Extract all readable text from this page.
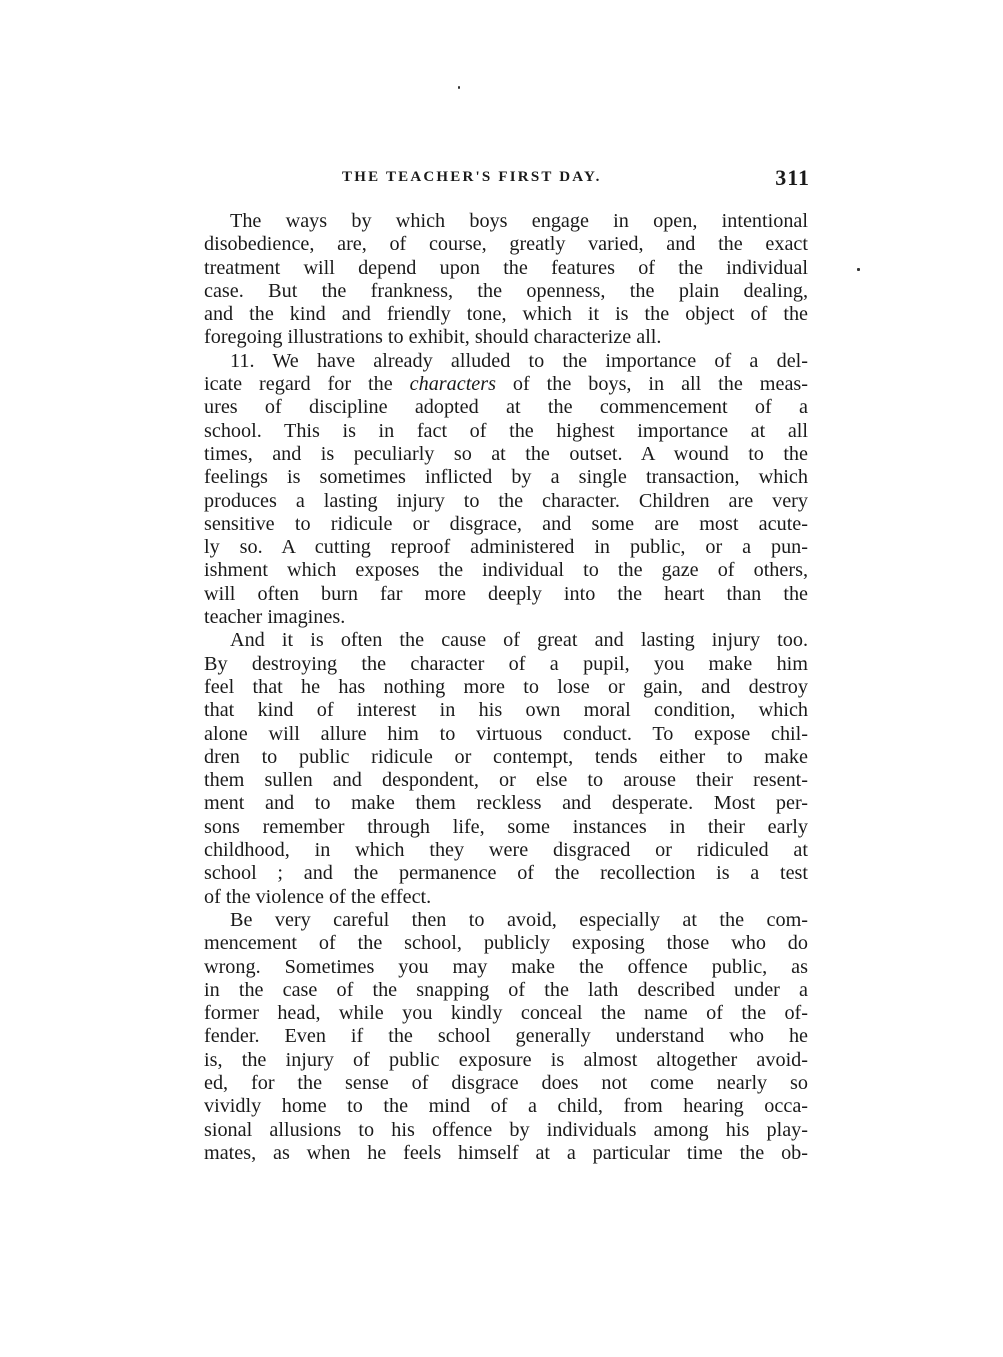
THE TEACHER'S FIRST DAY.	311
The ways by which boys engage in open, intentional
disobedience, are, of course, greatly varied, and the exact
treatment will depend upon the features of the individual
case. But the frankness, the openness, the plain dealing,
and the kind and friendly tone, which it is the object of the
foregoing illustrations to exhibit, should characterize all.
11. We have already alluded to the importance of a del-
icate regard for the characters of the boys, in all the meas-
ures of discipline adopted at the commencement of a
school. This is in fact of the highest importance at all
times, and is peculiarly so at the outset. A wound to the
feelings is sometimes inflicted by a single transaction, which
produces a lasting injury to the character. Children are very
sensitive to ridicule or disgrace, and some are most acute-
ly so. A cutting reproof administered in public, or a pun-
ishment which exposes the individual to the gaze of others,
will often burn far more deeply into the heart than the
teacher imagines.
And it is often the cause of great and lasting injury too.
By destroying the character of a pupil, you make him
feel that he has nothing more to lose or gain, and destroy
that kind of interest in his own moral condition, which
alone will allure him to virtuous conduct. To expose chil-
dren to public ridicule or contempt, tends either to make
them sullen and despondent, or else to arouse their resent-
ment and to make them reckless and desperate. Most per-
sons remember through life, some instances in their early
childhood, in which they were disgraced or ridiculed at
school ; and the permanence of the recollection is a test
of the violence of the effect.
Be very careful then to avoid, especially at the com-
mencement of the school, publicly exposing those who do
wrong. Sometimes you may make the offence public, as
in the case of the snapping of the lath described under a
former head, while you kindly conceal the name of the of-
fender. Even if the school generally understand who he
is, the injury of public exposure is almost altogether avoid-
ed, for the sense of disgrace does not come nearly so
vividly home to the mind of a child, from hearing occa-
sional allusions to his offence by individuals among his play-
mates, as when he feels himself at a particular time the ob-
